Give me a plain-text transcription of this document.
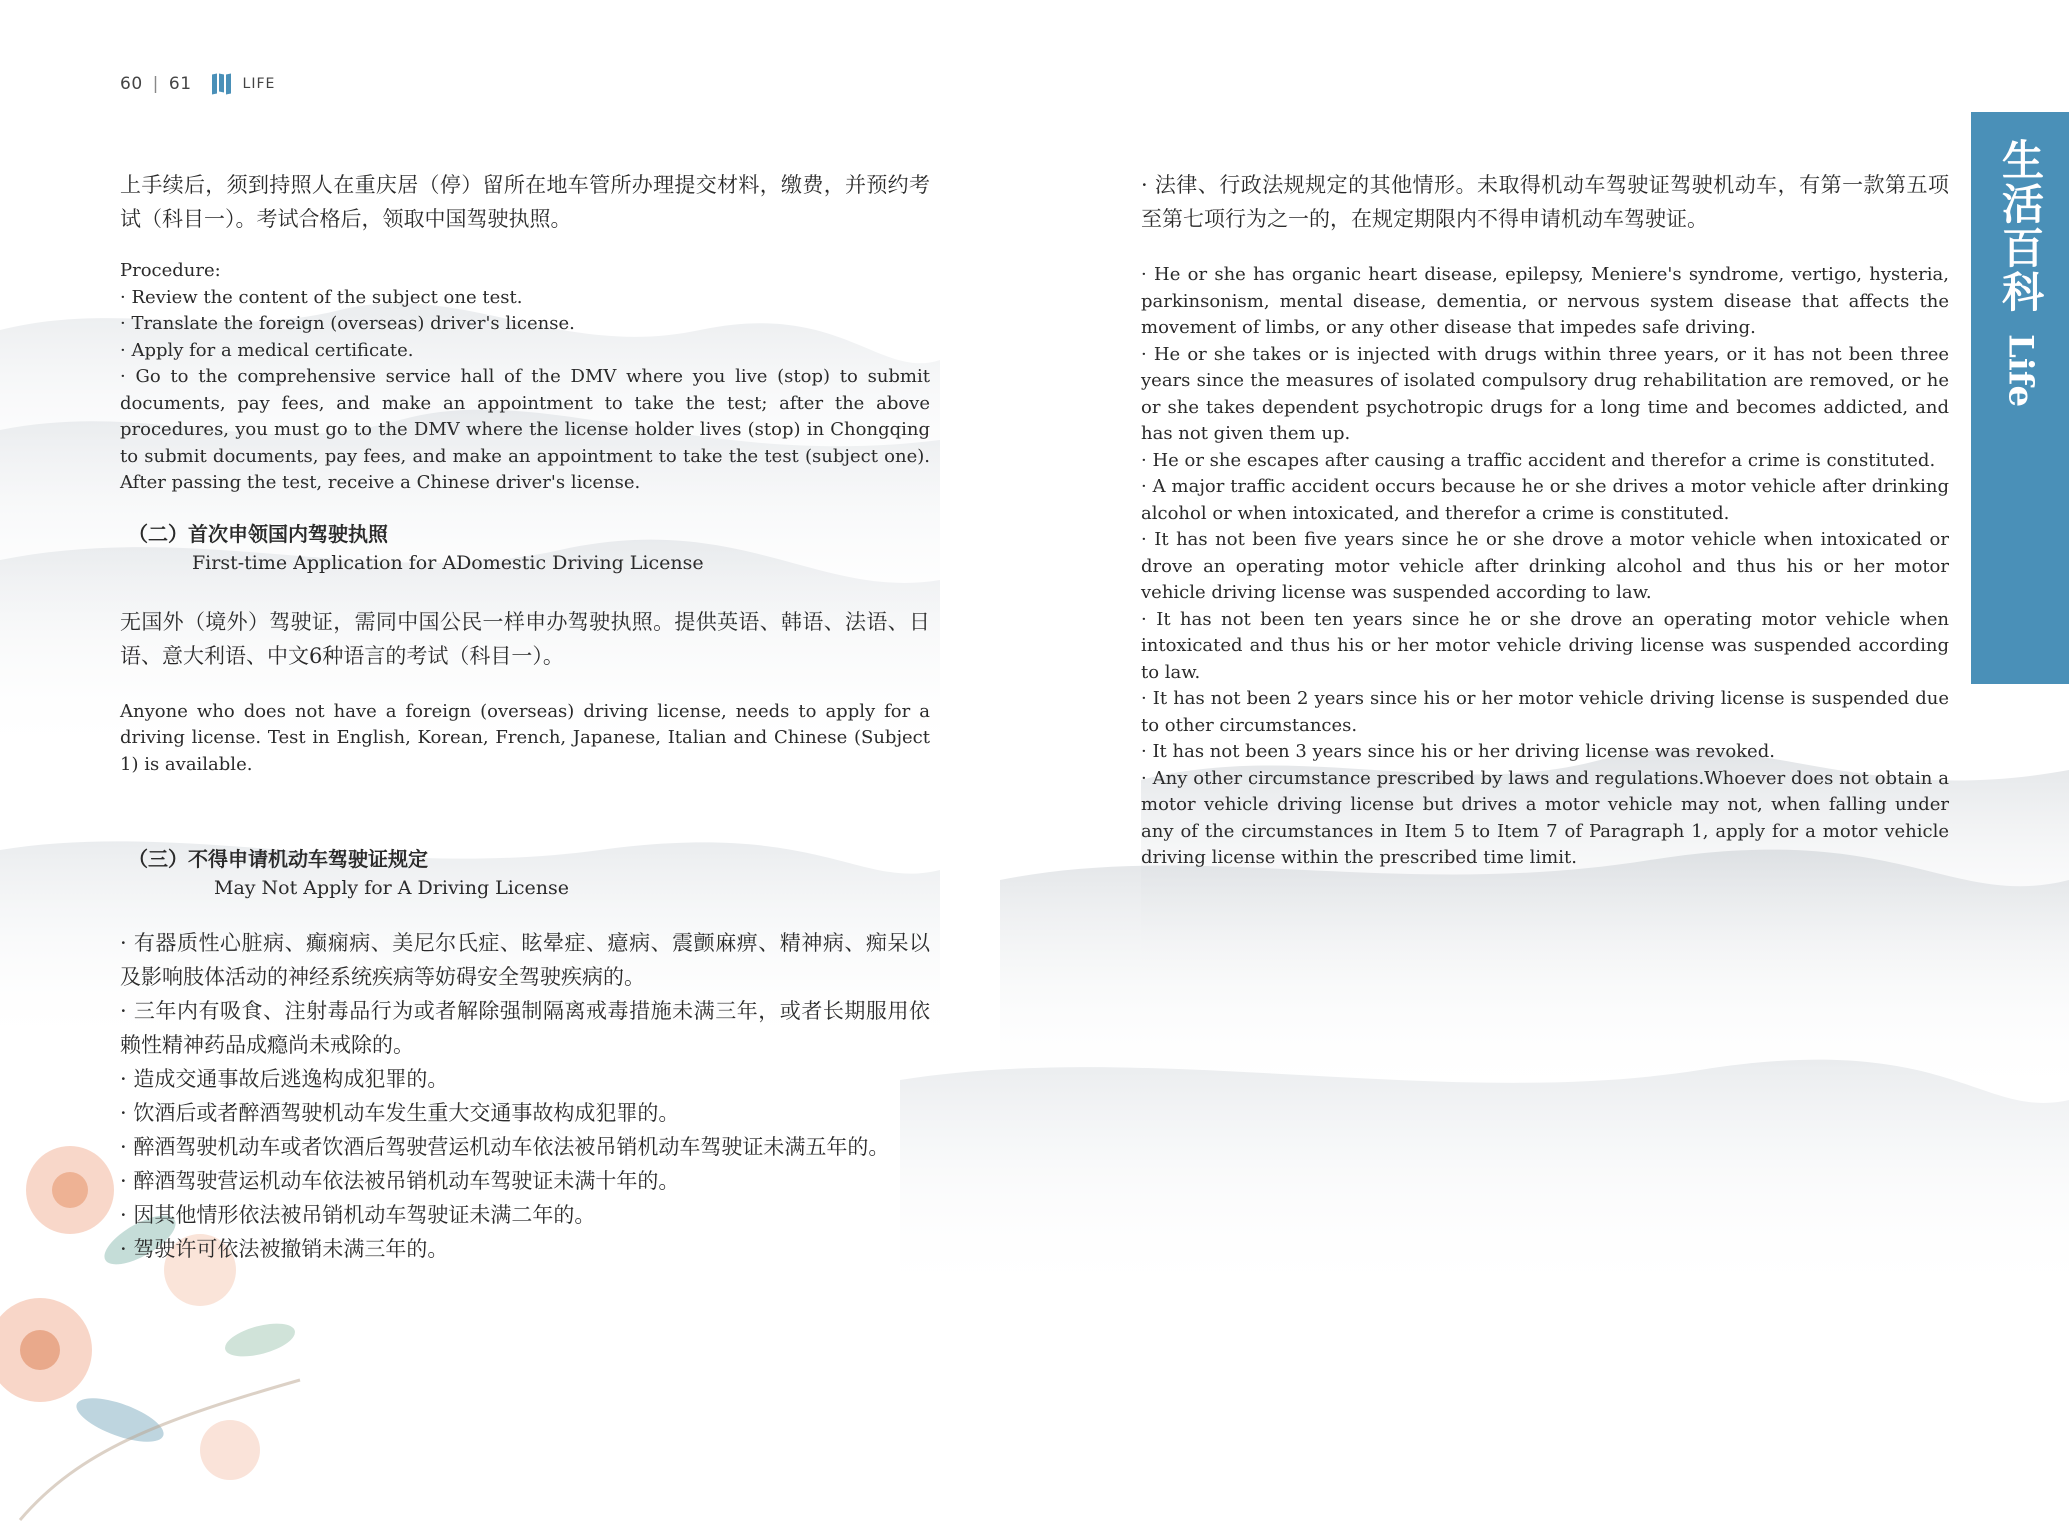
60 | 61	LIFE
生活百科
Life

上手续后，须到持照人在重庆居（停）留所在地车管所办理提交材料，缴费，并预约考试（科目一）。考试合格后，领取中国驾驶执照。

Procedure:

· Review the content of the subject one test.
· Translate the foreign (overseas) driver's license.
· Apply for a medical certificate.
· Go to the comprehensive service hall of the DMV where you live (stop) to submit documents, pay fees, and make an appointment to take the test; after the above procedures, you must go to the DMV where the license holder lives (stop) in Chongqing to submit documents, pay fees, and make an appointment to take the test (subject one). After passing the test, receive a Chinese driver's license.
（二）首次申领国内驾驶执照
First-time Application for ADomestic Driving License

无国外（境外）驾驶证，需同中国公民一样申办驾驶执照。提供英语、韩语、法语、日语、意大利语、中文6种语言的考试（科目一）。

Anyone who does not have a foreign (overseas) driving license, needs to apply for a driving license. Test in English, Korean, French, Japanese, Italian and Chinese (Subject 1) is available.

（三）不得申请机动车驾驶证规定
May Not Apply for A Driving License
· 有器质性心脏病、癫痫病、美尼尔氏症、眩晕症、癔病、震颤麻痹、精神病、痴呆以及影响肢体活动的神经系统疾病等妨碍安全驾驶疾病的。
· 三年内有吸食、注射毒品行为或者解除强制隔离戒毒措施未满三年，或者长期服用依赖性精神药品成瘾尚未戒除的。
· 造成交通事故后逃逸构成犯罪的。
· 饮酒后或者醉酒驾驶机动车发生重大交通事故构成犯罪的。
· 醉酒驾驶机动车或者饮酒后驾驶营运机动车依法被吊销机动车驾驶证未满五年的。
· 醉酒驾驶营运机动车依法被吊销机动车驾驶证未满十年的。
· 因其他情形依法被吊销机动车驾驶证未满二年的。
· 驾驶许可依法被撤销未满三年的。

· 法律、行政法规规定的其他情形。未取得机动车驾驶证驾驶机动车，有第一款第五项至第七项行为之一的，在规定期限内不得申请机动车驾驶证。

· He or she has organic heart disease, epilepsy, Meniere's syndrome, vertigo, hysteria, parkinsonism, mental disease, dementia, or nervous system disease that affects the movement of limbs, or any other disease that impedes safe driving.
· He or she takes or is injected with drugs within three years, or it has not been three years since the measures of isolated compulsory drug rehabilitation are removed, or he or she takes dependent psychotropic drugs for a long time and becomes addicted, and has not given them up.
· He or she escapes after causing a traffic accident and therefor a crime is constituted.
· A major traffic accident occurs because he or she drives a motor vehicle after drinking alcohol or when intoxicated, and therefor a crime is constituted.
· It has not been five years since he or she drove a motor vehicle when intoxicated or drove an operating motor vehicle after drinking alcohol and thus his or her motor vehicle driving license was suspended according to law.
· It has not been ten years since he or she drove an operating motor vehicle when intoxicated and thus his or her motor vehicle driving license was suspended according to law.
· It has not been 2 years since his or her motor vehicle driving license is suspended due to other circumstances.
· It has not been 3 years since his or her driving license was revoked.
· Any other circumstance prescribed by laws and regulations.Whoever does not obtain a motor vehicle driving license but drives a motor vehicle may not, when falling under any of the circumstances in Item 5 to Item 7 of Paragraph 1, apply for a motor vehicle driving license within the prescribed time limit.
